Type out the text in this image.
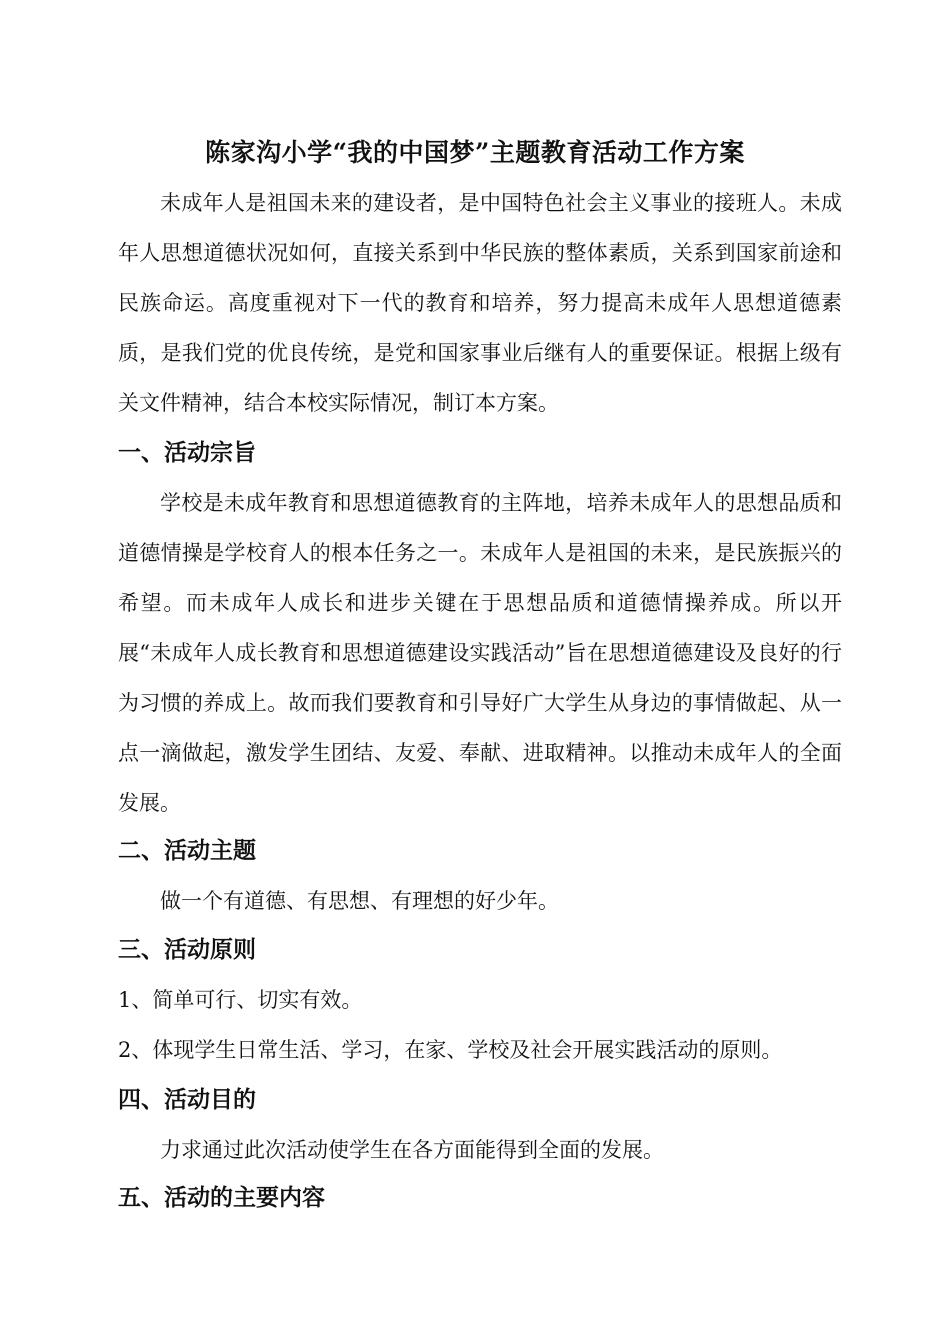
陈家沟小学“我的中国梦”主题教育活动工作方案

未成年人是祖国未来的建设者，是中国特色社会主义事业的接班人。未成年人思想道德状况如何，直接关系到中华民族的整体素质，关系到国家前途和民族命运。高度重视对下一代的教育和培养，努力提高未成年人思想道德素质，是我们党的优良传统，是党和国家事业后继有人的重要保证。根据上级有关文件精神，结合本校实际情况，制订本方案。

一、活动宗旨

学校是未成年教育和思想道德教育的主阵地，培养未成年人的思想品质和道德情操是学校育人的根本任务之一。未成年人是祖国的未来，是民族振兴的希望。而未成年人成长和进步关键在于思想品质和道德情操养成。所以开展“未成年人成长教育和思想道德建设实践活动”旨在思想道德建设及良好的行为习惯的养成上。故而我们要教育和引导好广大学生从身边的事情做起、从一点一滴做起，激发学生团结、友爱、奉献、进取精神。以推动未成年人的全面发展。

二、活动主题

做一个有道德、有思想、有理想的好少年。

三、活动原则

1、简单可行、切实有效。

2、体现学生日常生活、学习，在家、学校及社会开展实践活动的原则。

四、活动目的

力求通过此次活动使学生在各方面能得到全面的发展。

五、活动的主要内容
